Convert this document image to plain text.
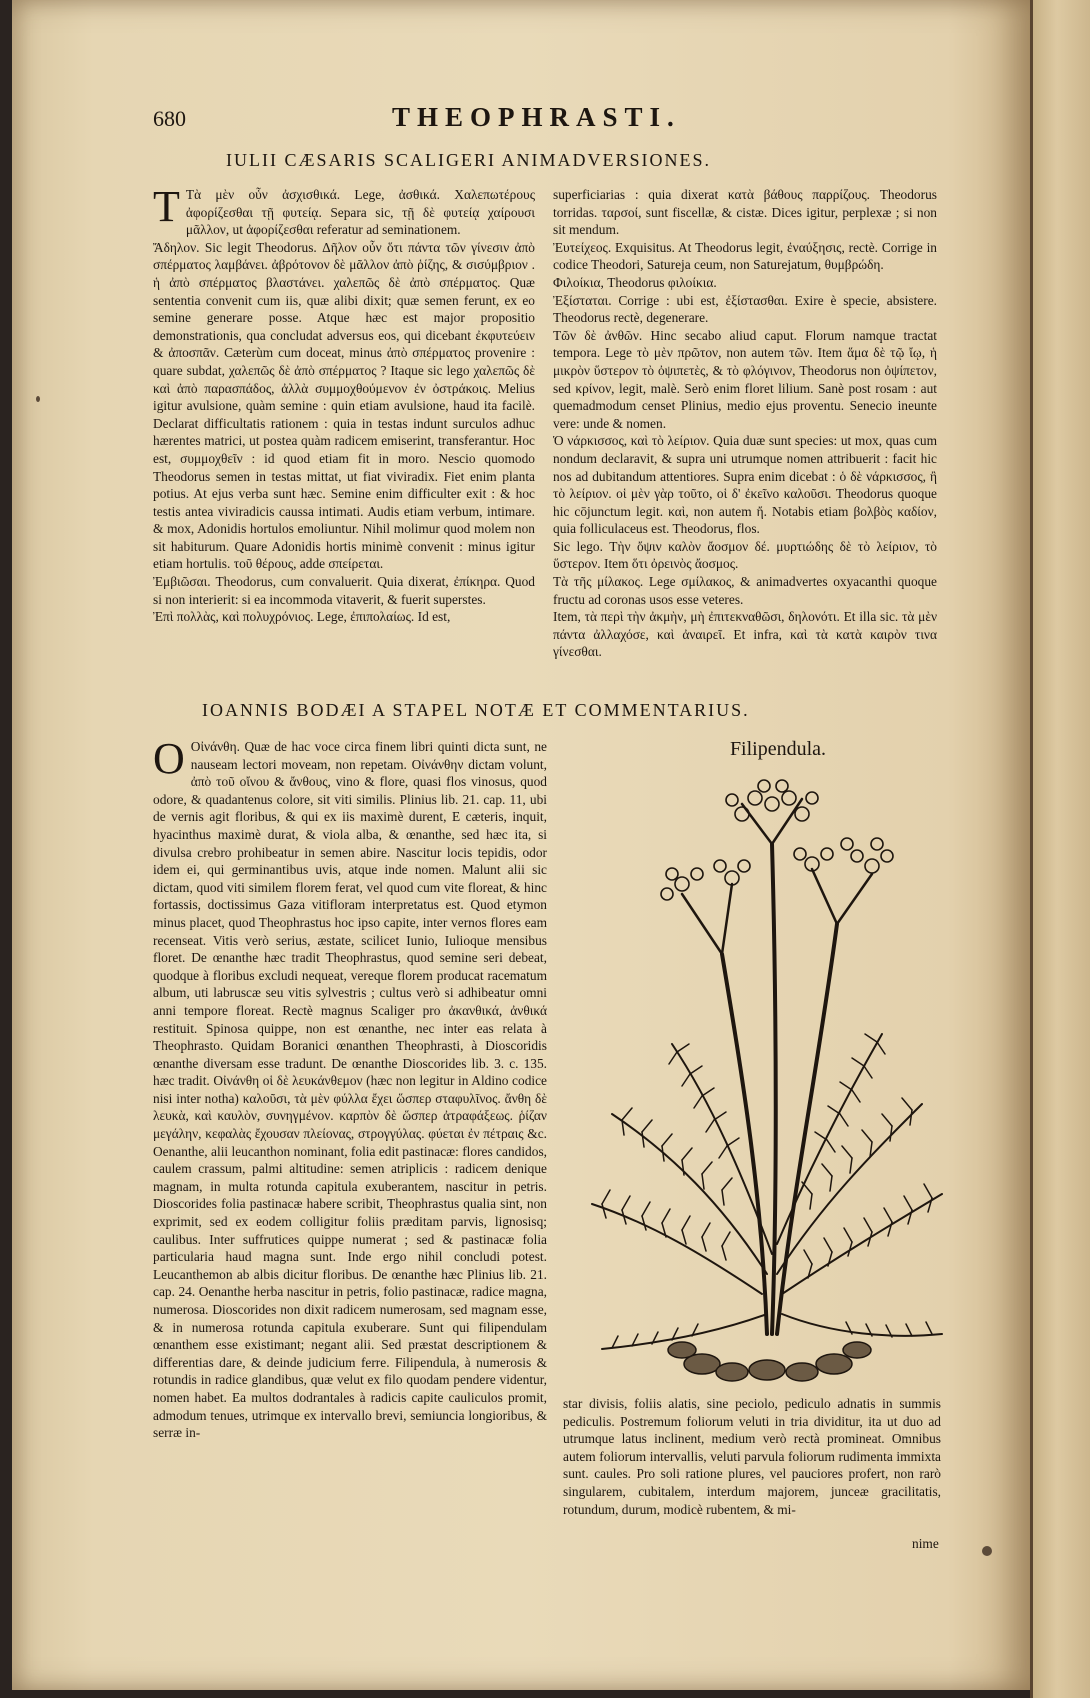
680	THEOPHRASTI.
IULII CÆSARIS SCALIGERI ANIMADVERSIONES.

T Τὰ μὲν οὖν ἀσχισθικά. Lege, ἀσθικά. Χαλεπωτέρους ἀφορίζεσθαι τῇ φυτείᾳ. Separa sic, τῇ δὲ φυτείᾳ χαίρουσι μᾶλλον, ut ἀφορίζεσθαι referatur ad seminationem.

Ἄδηλον. Sic legit Theodorus. Δῆλον οὖν ὅτι πάντα τῶν γίνεσιν ἀπὸ σπέρματος λαμβάνει. ἀβρότονον δὲ μᾶλλον ἀπὸ ῥίζης, & σισύμβριον . ἡ ἀπὸ σπέρματος βλαστάνει. χαλεπῶς δὲ ἀπὸ σπέρματος. Quæ sententia convenit cum iis, quæ alibi dixit; quæ semen ferunt, ex eo semine generare posse. Atque hæc est major propositio demonstrationis, qua concludat adversus eos, qui dicebant ἐκφυτεύειν & ἀποσπᾶν. Cæterùm cum doceat, minus ἀπὸ σπέρματος provenire : quare subdat, χαλεπῶς δὲ ἀπὸ σπέρματος ? Itaque sic lego χαλεπῶς δὲ καὶ ἀπὸ παρασπάδος, ἀλλὰ συμμοχθούμενον ἐν ὀστράκοις. Melius igitur avulsione, quàm semine : quin etiam avulsione, haud ita facilè. Declarat difficultatis rationem : quia in testas indunt surculos adhuc hærentes matrici, ut postea quàm radicem emiserint, transferantur. Hoc est, συμμοχθεῖν : id quod etiam fit in moro. Nescio quomodo Theodorus semen in testas mittat, ut fiat viviradix. Fiet enim planta potius. At ejus verba sunt hæc. Semine enim difficulter exit : & hoc testis antea viviradicis caussa intimati. Audis etiam verbum, intimare. & mox, Adonidis hortulos emoliuntur. Nihil molimur quod molem non sit habiturum. Quare Adonidis hortis minimè convenit : minus igitur etiam hortulis. τοῦ θέρους, adde σπείρεται.

Ἐμβιῶσαι. Theodorus, cum convaluerit. Quia dixerat, ἐπίκηρα. Quod si non interierit: si ea incommoda vitaverit, & fuerit superstes.

Ἐπὶ πολλὰς, καὶ πολυχρόνιος. Lege, ἐπιπολαίως. Id est,

superficiarias : quia dixerat κατὰ βάθους παρρίζους. Theodorus torridas. ταρσοί, sunt fiscellæ, & cistæ. Dices igitur, perplexæ ; si non sit mendum.

Ἐυτείχεος. Exquisitus. At Theodorus legit, ἐναύξησις, rectè. Corrige in codice Theodori, Satureja ceum, non Saturejatum, θυμβρώδη.

Φιλοίκια, Theodorus φιλοίκια.

Ἐξίσταται. Corrige : ubi est, ἐξίστασθαι. Exire è specie, absistere. Theodorus rectè, degenerare.

Τῶν δὲ ἀνθῶν. Hinc secabo aliud caput. Florum namque tractat tempora. Lege τὸ μὲν πρῶτον, non autem τῶν. Item ἅμα δὲ τῷ ἴῳ, ἡ μικρὸν ὕστερον τὸ ὀψιπετὲς, & τὸ φλόγινον, Theodorus non ὀψίπετον, sed κρίνον, legit, malè. Serò enim floret lilium. Sanè post rosam : aut quemadmodum censet Plinius, medio ejus proventu. Senecio ineunte vere: unde & nomen.

Ὁ νάρκισσος, καὶ τὸ λείριον. Quia duæ sunt species: ut mox, quas cum nondum declaravit, & supra uni utrumque nomen attribuerit : facit hic nos ad dubitandum attentiores. Supra enim dicebat : ὁ δὲ νάρκισσος, ἢ τὸ λείριον. οἱ μὲν γὰρ τοῦτο, οἱ δ' ἐκεῖνο καλοῦσι. Theodorus quoque hic cōjunctum legit. καὶ, non autem ἤ. Notabis etiam βολβὸς καδίον, quia folliculaceus est. Theodorus, flos.

Sic lego. Τὴν ὄψιν καλὸν ἄοσμον δέ. μυρτιώδης δὲ τὸ λείριον, τὸ ὕστερον. Item ὅτι ὀρεινὸς ἄοσμος.

Τὰ τῆς μίλακος. Lege σμίλακος, & animadvertes oxyacanthi quoque fructu ad coronas usos esse veteres.

Item, τὰ περὶ τὴν ἀκμὴν, μὴ ἐπιτεκναθῶσι, δηλονότι. Et illa sic. τὰ μὲν πάντα ἀλλαχόσε, καὶ ἀναιρεῖ. Et infra, καὶ τὰ κατὰ καιρὸν τινα γίνεσθαι.

IOANNIS BODÆI A STAPEL NOTÆ ET COMMENTARIUS.

O Οἰνάνθη. Quæ de hac voce circa finem libri quinti dicta sunt, ne nauseam lectori moveam, non repetam. Οἰνάνθην dictam volunt, ἀπὸ τοῦ οἴνου & ἄνθους, vino & flore, quasi flos vinosus, quod odore, & quadantenus colore, sit viti similis. Plinius lib. 21. cap. 11, ubi de vernis agit floribus, & qui ex iis maximè durent, E cæteris, inquit, hyacinthus maximè durat, & viola alba, & œnanthe, sed hæc ita, si divulsa crebro prohibeatur in semen abire. Nascitur locis tepidis, odor idem ei, qui germinantibus uvis, atque inde nomen. Malunt alii sic dictam, quod viti similem florem ferat, vel quod cum vite floreat, & hinc fortassis, doctissimus Gaza vitifloram interpretatus est. Quod etymon minus placet, quod Theophrastus hoc ipso capite, inter vernos flores eam recenseat. Vitis verò serius, æstate, scilicet Iunio, Iulioque mensibus floret. De œnanthe hæc tradit Theophrastus, quod semine seri debeat, quodque à floribus excludi nequeat, vereque florem producat racematum album, uti labruscæ seu vitis sylvestris ; cultus verò si adhibeatur omni anni tempore floreat. Rectè magnus Scaliger pro ἀκανθικά, ἀνθικά restituit. Spinosa quippe, non est œnanthe, nec inter eas relata à Theophrasto. Quidam Boranici œnanthen Theophrasti, à Dioscoridis œnanthe diversam esse tradunt. De œnanthe Dioscorides lib. 3. c. 135. hæc tradit. Οἰνάνθη οἱ δὲ λευκάνθεμον (hæc non legitur in Aldino codice nisi inter notha) καλοῦσι, τὰ μὲν φύλλα ἔχει ὥσπερ σταφυλῖνος. ἄνθη δὲ λευκὰ, καὶ καυλὸν, συνηγμένον. καρπὸν δὲ ὥσπερ ἀτραφάξεως. ῥίζαν μεγάλην, κεφαλὰς ἔχουσαν πλείονας, στρογγύλας. φύεται ἐν πέτραις &c. Oenanthe, alii leucanthon nominant, folia edit pastinacæ: flores candidos, caulem crassum, palmi altitudine: semen atriplicis : radicem denique magnam, in multa rotunda capitula exuberantem, nascitur in petris. Dioscorides folia pastinacæ habere scribit, Theophrastus qualia sint, non exprimit, sed ex eodem colligitur foliis præditam parvis, lignosisq; caulibus. Inter suffrutices quippe numerat ; sed & pastinacæ folia particularia haud magna sunt. Inde ergo nihil concludi potest. Leucanthemon ab albis dicitur floribus. De œnanthe hæc Plinius lib. 21. cap. 24. Oenanthe herba nascitur in petris, folio pastinacæ, radice magna, numerosa. Dioscorides non dixit radicem numerosam, sed magnam esse, & in numerosa rotunda capitula exuberare. Sunt qui filipendulam œnanthem esse existimant; negant alii. Sed præstat descriptionem & differentias dare, & deinde judicium ferre. Filipendula, à numerosis & rotundis in radice glandibus, quæ velut ex filo quodam pendere videntur, nomen habet. Ea multos dodrantales à radicis capite cauliculos promit, admodum tenues, utrimque ex intervallo brevi, semiuncia longioribus, & serræ in-

Filipendula.

star divisis, foliis alatis, sine peciolo, pediculo adnatis in summis pediculis. Postremum foliorum veluti in tria dividitur, ita ut duo ad utrumque latus inclinent, medium verò rectà promineat. Omnibus autem foliorum intervallis, veluti parvula foliorum rudimenta immixta sunt. caules. Pro soli ratione plures, vel pauciores profert, non rarò singularem, cubitalem, interdum majorem, junceæ gracilitatis, rotundum, durum, modicè rubentem, & mi-

nime
